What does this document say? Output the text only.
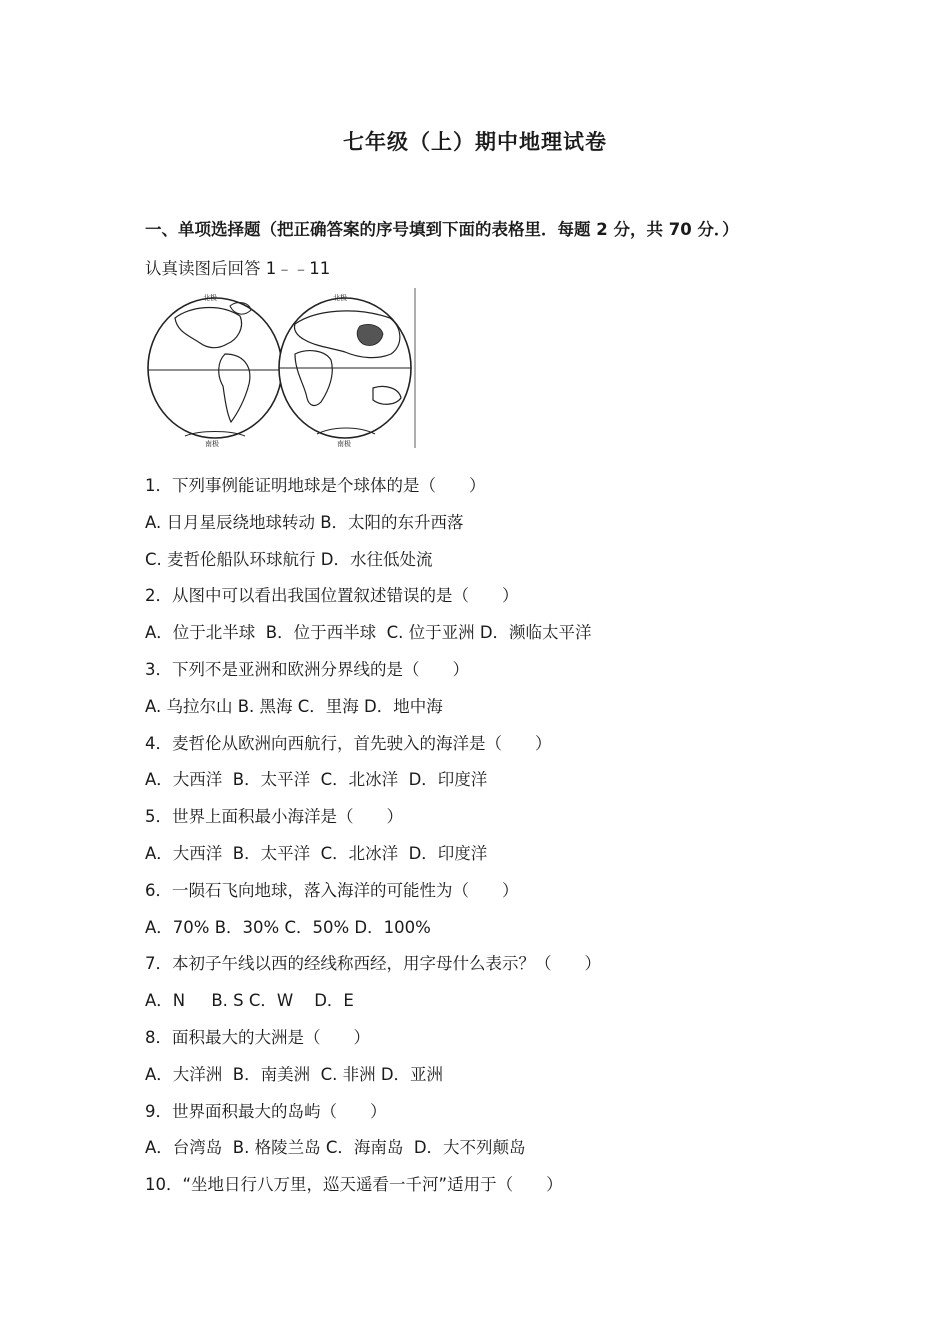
七年级（上）期中地理试卷
一、单项选择题（把正确答案的序号填到下面的表格里．每题 2 分，共 70 分．）
认真读图后回答 1﹣﹣11
北极
南极
北极
南极
1．下列事例能证明地球是个球体的是（　　）
A. 日月星辰绕地球转动 B．太阳的东升西落
C. 麦哲伦船队环球航行 D．水往低处流
2．从图中可以看出我国位置叙述错误的是（　　）
A．位于北半球  B．位于西半球  C. 位于亚洲 D．濒临太平洋
3．下列不是亚洲和欧洲分界线的是（　　）
A. 乌拉尔山 B. 黑海 C．里海 D．地中海
4．麦哲伦从欧洲向西航行，首先驶入的海洋是（　　）
A．大西洋  B．太平洋  C．北冰洋  D．印度洋
5．世界上面积最小海洋是（　　）
A．大西洋  B．太平洋  C．北冰洋  D．印度洋
6．一陨石飞向地球，落入海洋的可能性为（　　）
A．70% B．30% C．50% D．100%
7．本初子午线以西的经线称西经，用字母什么表示？（　　）
A．N     B. S C．W    D．E
8．面积最大的大洲是（　　）
A．大洋洲  B．南美洲  C. 非洲 D．亚洲
9．世界面积最大的岛屿（　　）
A．台湾岛  B. 格陵兰岛 C．海南岛  D．大不列颠岛
10．“坐地日行八万里，巡天遥看一千河”适用于（　　）
